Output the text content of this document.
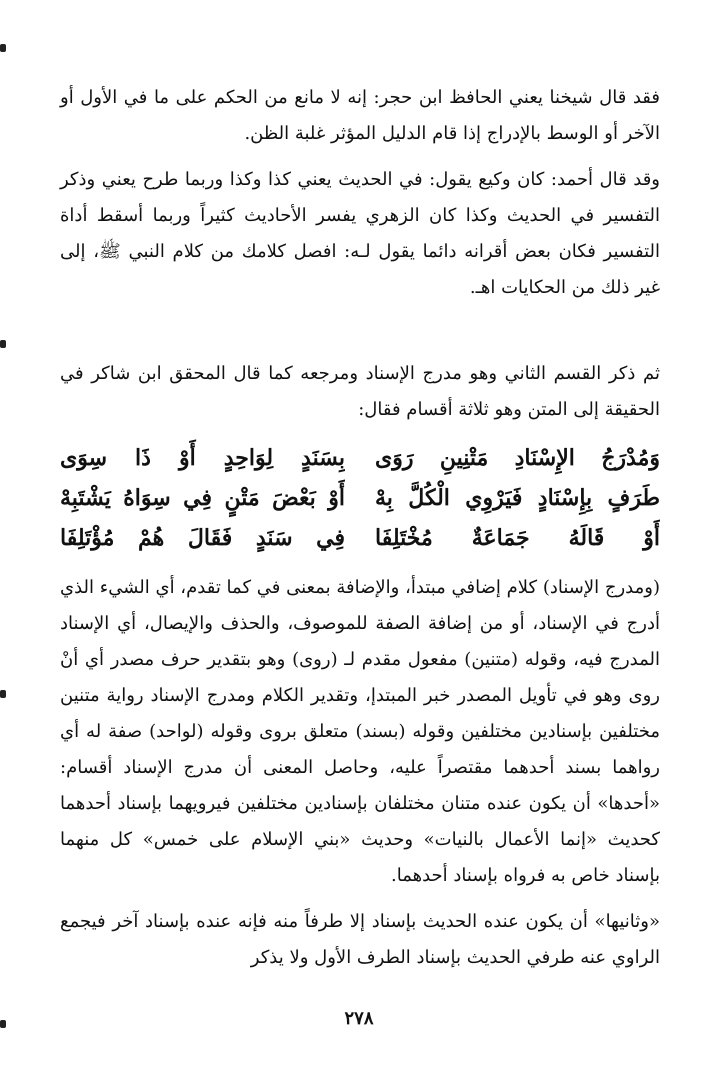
فقد قال شيخنا يعني الحافظ ابن حجر: إنه لا مانع من الحكم على ما في الأول أو الآخر أو الوسط بالإدراج إذا قام الدليل المؤثر غلبة الظن.

وقد قال أحمد: كان وكيع يقول: في الحديث يعني كذا وكذا وربما طرح يعني وذكر التفسير في الحديث وكذا كان الزهري يفسر الأحاديث كثيراً وربما أسقط أداة التفسير فكان بعض أقرانه دائما يقول لـه: افصل كلامك من كلام النبي ﷺ، إلى غير ذلك من الحكايات اهـ.

ثم ذكر القسم الثاني وهو مدرج الإسناد ومرجعه كما قال المحقق ابن شاكر في الحقيقة إلى المتن وهو ثلاثة أقسام فقال:

وَمُدْرَجُ الإِسْنَادِ مَتْنِينِ رَوَى
بِسَنَدٍ لِوَاحِدٍ أَوْ ذَا سِوَى
طَرَفٍ بِإِسْنَادٍ فَيَرْوِي الْكُلَّ بِهْ
أَوْ بَعْضَ مَتْنٍ فِي سِوَاهُ يَشْتَبِهْ
أَوْ قَالَهُ جَمَاعَةٌ مُخْتَلِفَا
فِي سَنَدٍ فَقَالَ هُمْ مُؤْتَلِفَا

(ومدرج الإسناد) كلام إضافي مبتدأ، والإضافة بمعنى في كما تقدم، أي الشيء الذي أدرج في الإسناد، أو من إضافة الصفة للموصوف، والحذف والإيصال، أي الإسناد المدرج فيه، وقوله (متنين) مفعول مقدم لـ (روى) وهو بتقدير حرف مصدر أي أنْ روى وهو في تأويل المصدر خبر المبتدإ، وتقدير الكلام ومدرج الإسناد رواية متنين مختلفين بإسنادين مختلفين وقوله (بسند) متعلق بروى وقوله (لواحد) صفة له أي رواهما بسند أحدهما مقتصراً عليه، وحاصل المعنى أن مدرج الإسناد أقسام: «أحدها» أن يكون عنده متنان مختلفان بإسنادين مختلفين فيرويهما بإسناد أحدهما كحديث «إنما الأعمال بالنيات» وحديث «بني الإسلام على خمس» كل منهما بإسناد خاص به فرواه بإسناد أحدهما.

«وثانيها» أن يكون عنده الحديث بإسناد إلا طرفاً منه فإنه عنده بإسناد آخر فيجمع الراوي عنه طرفي الحديث بإسناد الطرف الأول ولا يذكر

٢٧٨
